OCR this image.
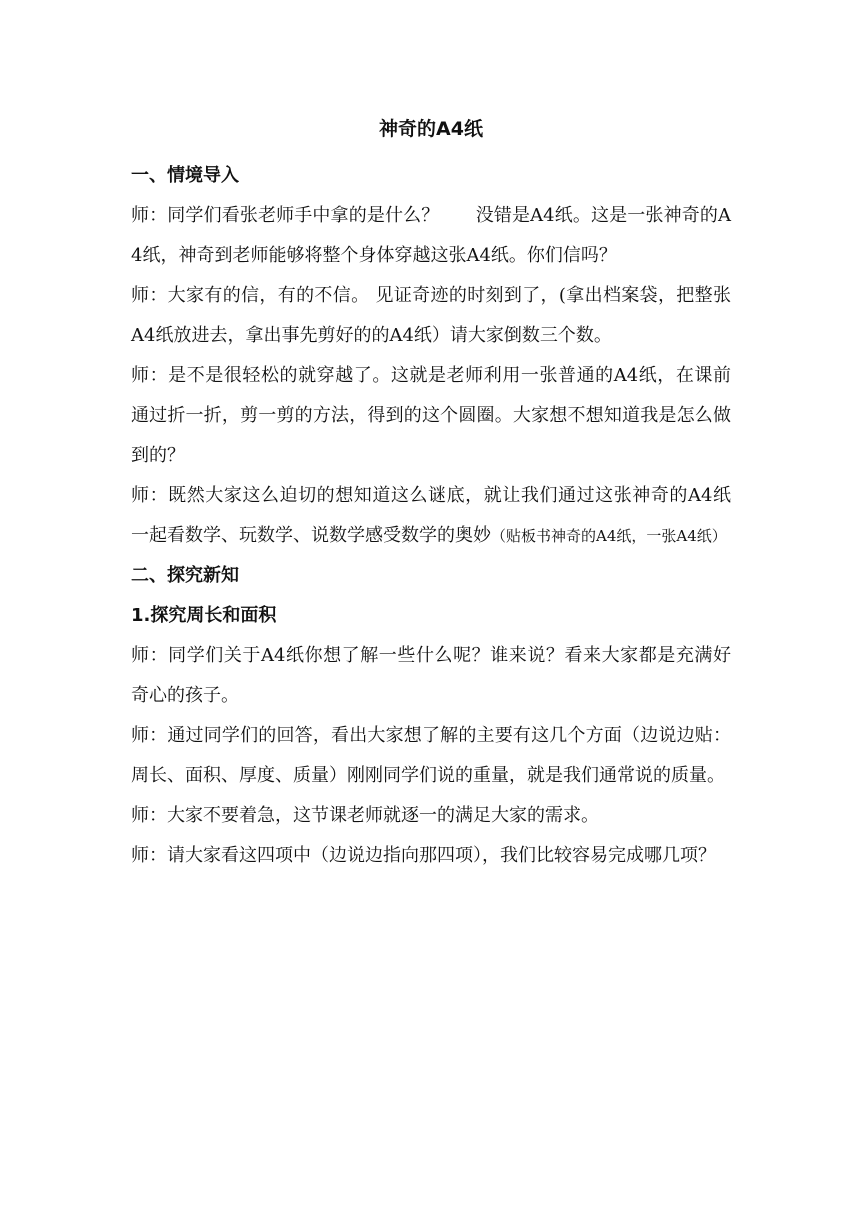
神奇的A4纸
一、情境导入

师：同学们看张老师手中拿的是什么？　　没错是A4纸。这是一张神奇的A4纸，神奇到老师能够将整个身体穿越这张A4纸。你们信吗？

师：大家有的信，有的不信。 见证奇迹的时刻到了，(拿出档案袋，把整张A4纸放进去，拿出事先剪好的的A4纸）请大家倒数三个数。

师：是不是很轻松的就穿越了。这就是老师利用一张普通的A4纸，在课前通过折一折，剪一剪的方法，得到的这个圆圈。大家想不想知道我是怎么做到的？

师：既然大家这么迫切的想知道这么谜底，就让我们通过这张神奇的A4纸一起看数学、玩数学、说数学感受数学的奥妙（贴板书神奇的A4纸，一张A4纸）

二、探究新知
1.探究周长和面积

师：同学们关于A4纸你想了解一些什么呢？谁来说？看来大家都是充满好奇心的孩子。

师：通过同学们的回答，看出大家想了解的主要有这几个方面（边说边贴：周长、面积、厚度、质量）刚刚同学们说的重量，就是我们通常说的质量。

师：大家不要着急，这节课老师就逐一的满足大家的需求。

师：请大家看这四项中（边说边指向那四项），我们比较容易完成哪几项？
